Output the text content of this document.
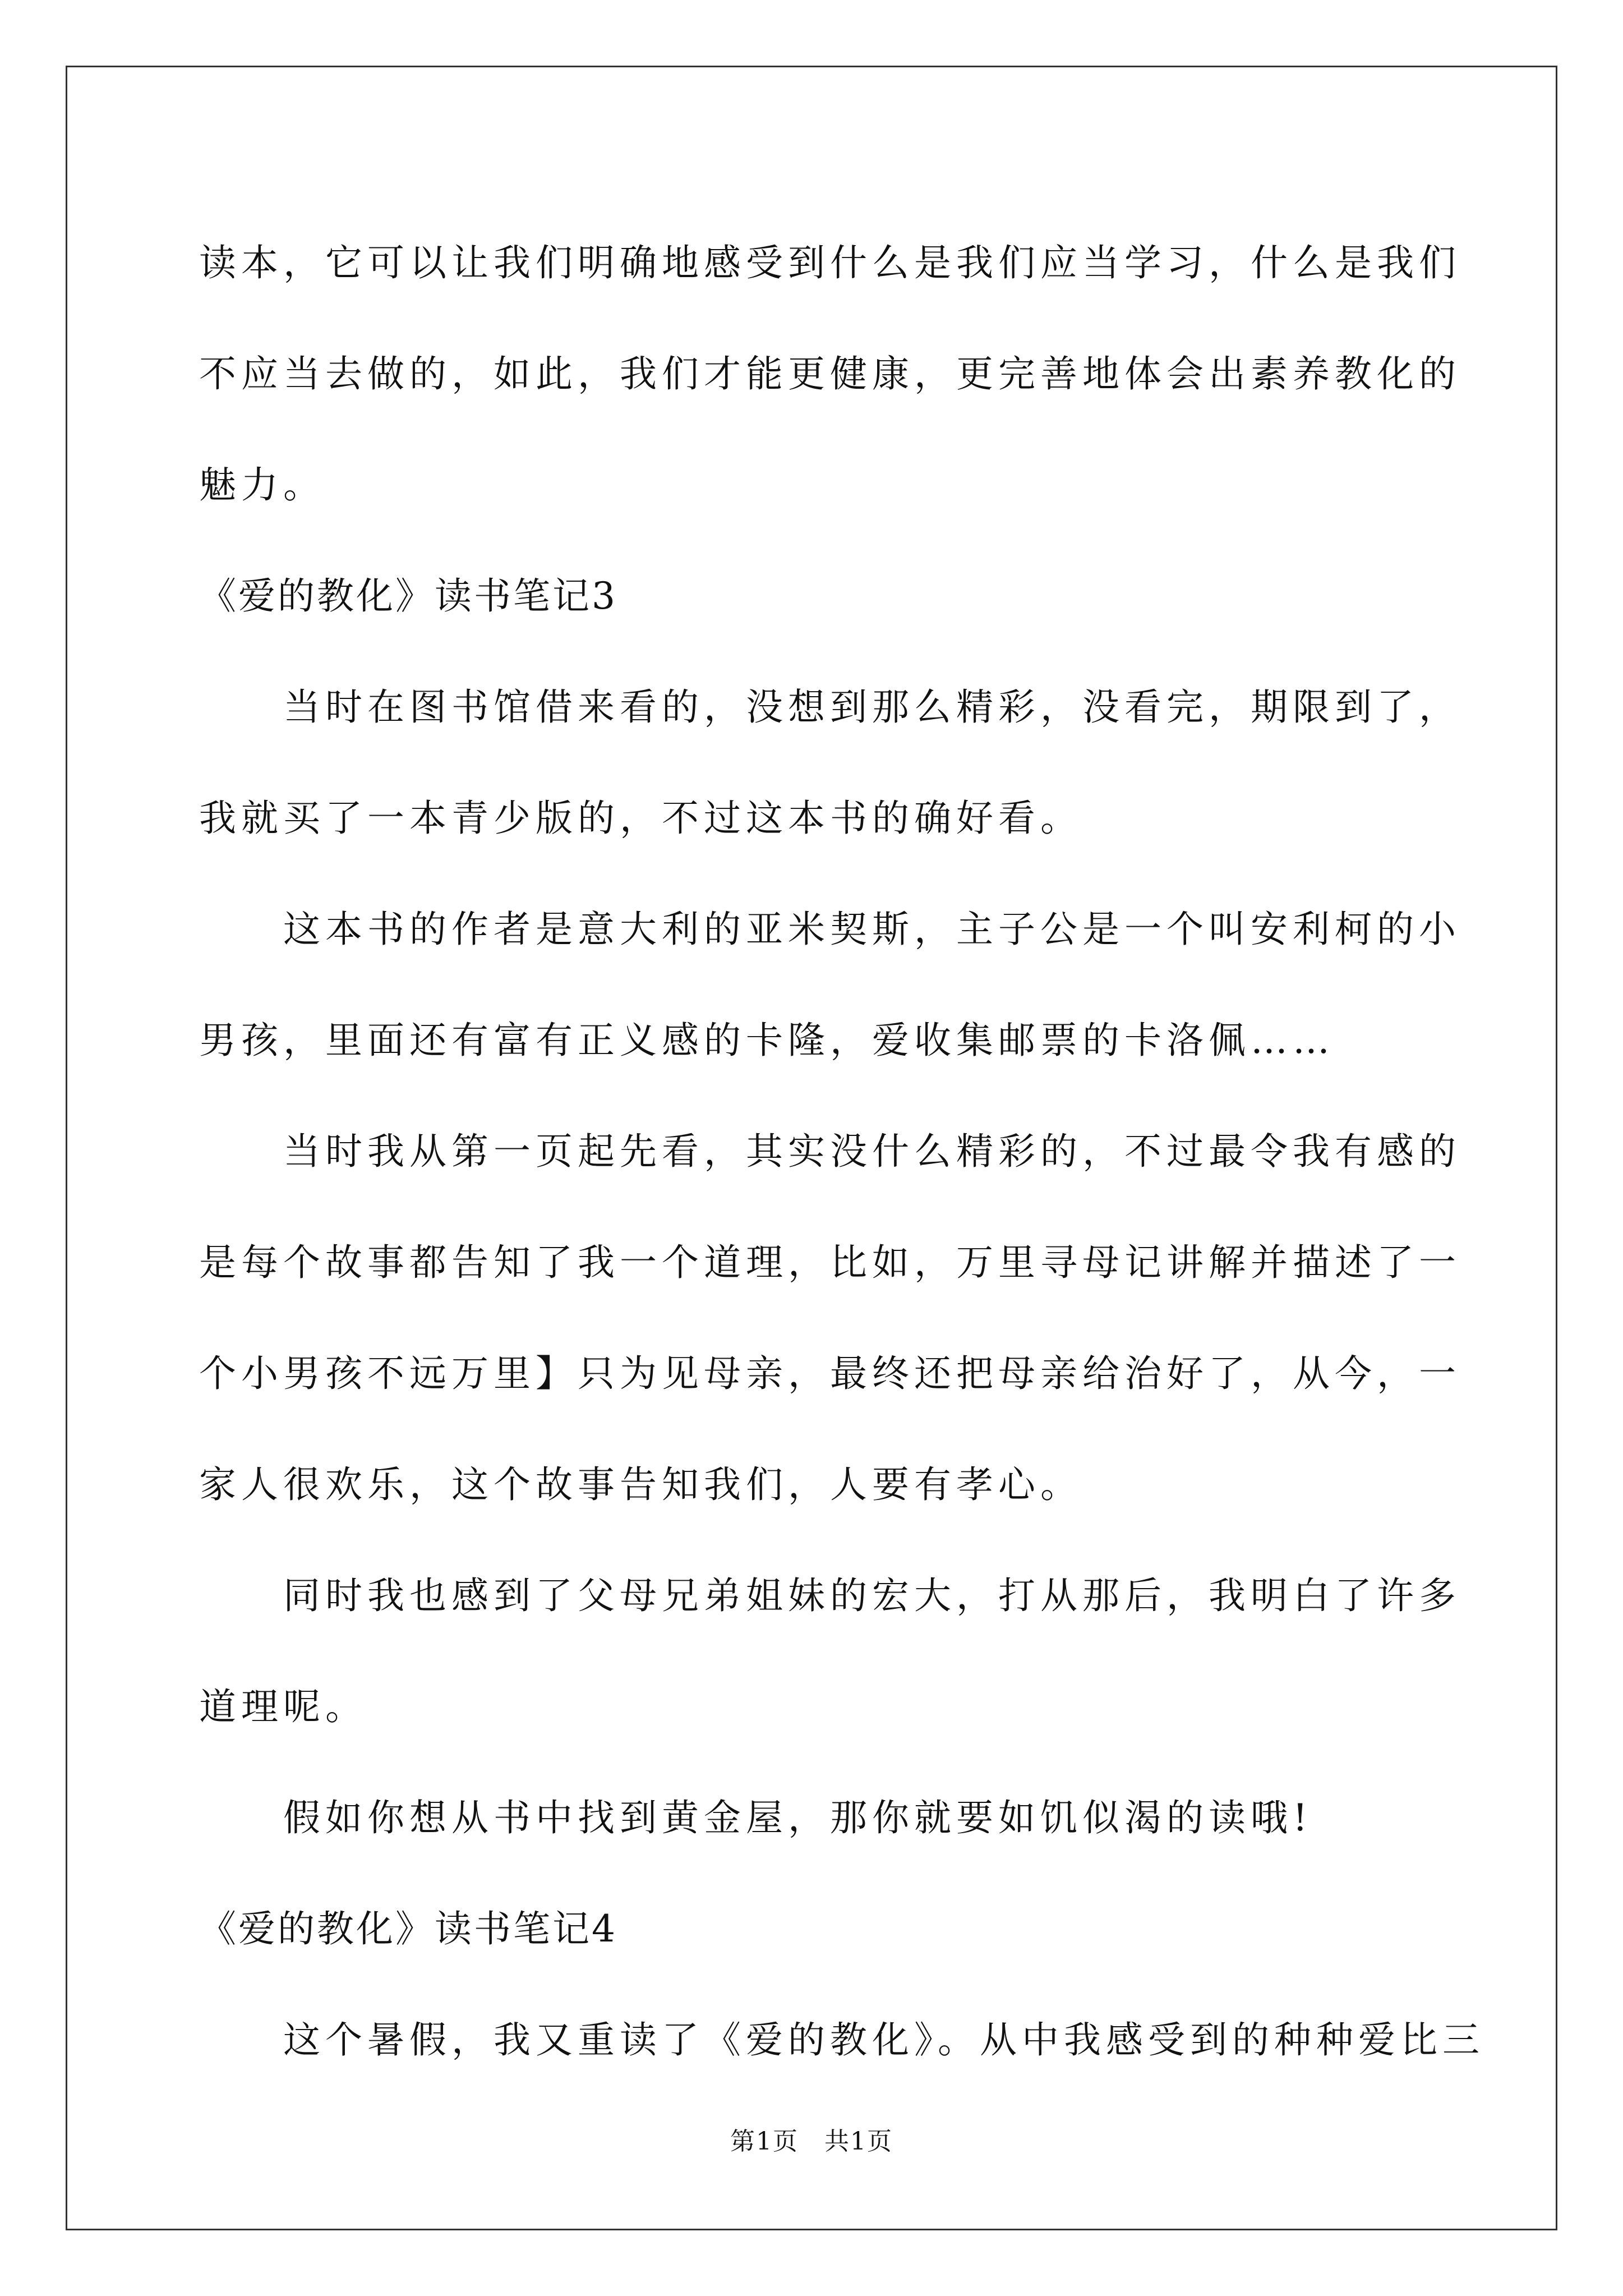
读本，它可以让我们明确地感受到什么是我们应当学习，什么是我们
不应当去做的，如此，我们才能更健康，更完善地体会出素养教化的
魅力。
《爱的教化》读书笔记3
当时在图书馆借来看的，没想到那么精彩，没看完，期限到了，
我就买了一本青少版的，不过这本书的确好看。
这本书的作者是意大利的亚米契斯，主子公是一个叫安利柯的小
男孩，里面还有富有正义感的卡隆，爱收集邮票的卡洛佩……
当时我从第一页起先看，其实没什么精彩的，不过最令我有感的
是每个故事都告知了我一个道理，比如，万里寻母记讲解并描述了一
个小男孩不远万里】只为见母亲，最终还把母亲给治好了，从今，一
家人很欢乐，这个故事告知我们，人要有孝心。
同时我也感到了父母兄弟姐妹的宏大，打从那后，我明白了许多
道理呢。
假如你想从书中找到黄金屋，那你就要如饥似渴的读哦!
《爱的教化》读书笔记4
这个暑假，我又重读了《爱的教化》。从中我感受到的种种爱比三
第1页 共1页
